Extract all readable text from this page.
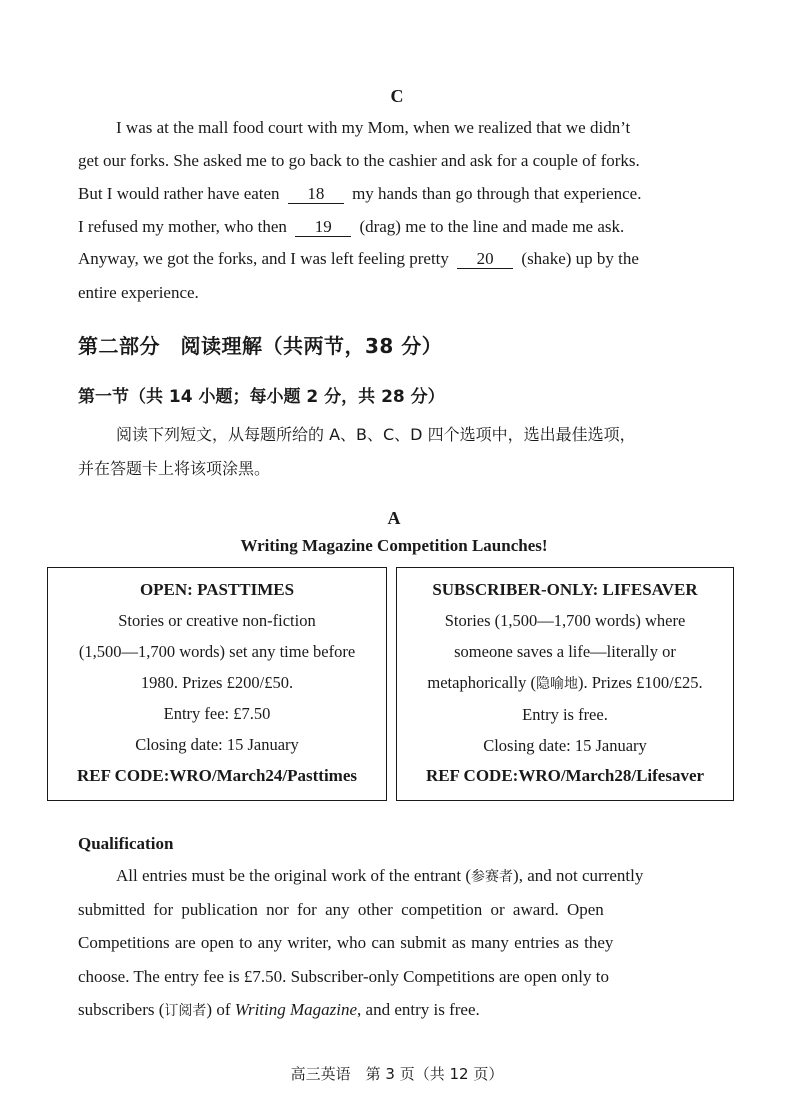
C
I was at the mall food court with my Mom, when we realized that we didn’t
get our forks. She asked me to go back to the cashier and ask for a couple of forks.
But I would rather have eaten 18 my hands than go through that experience.
I refused my mother, who then 19 (drag) me to the line and made me ask.
Anyway, we got the forks, and I was left feeling pretty 20 (shake) up by the
entire experience.
第二部分　阅读理解（共两节，38 分）
第一节（共 14 小题；每小题 2 分，共 28 分）
阅读下列短文，从每题所给的 A、B、C、D 四个选项中，选出最佳选项，
并在答题卡上将该项涂黑。
A
Writing Magazine Competition Launches!
OPEN: PASTTIMES
Stories or creative non-fiction
(1,500—1,700 words) set any time before
1980. Prizes £200/£50.
Entry fee: £7.50
Closing date: 15 January
REF CODE:WRO/March24/Pasttimes
SUBSCRIBER-ONLY: LIFESAVER
Stories (1,500—1,700 words) where
someone saves a life—literally or
metaphorically (隐喻地). Prizes £100/£25.
Entry is free.
Closing date: 15 January
REF CODE:WRO/March28/Lifesaver
Qualification
All entries must be the original work of the entrant (参赛者), and not currently
submitted for publication nor for any other competition or award. Open
Competitions are open to any writer, who can submit as many entries as they
choose. The entry fee is £7.50. Subscriber-only Competitions are open only to
subscribers (订阅者) of Writing Magazine, and entry is free.
高三英语　第 3 页（共 12 页）
